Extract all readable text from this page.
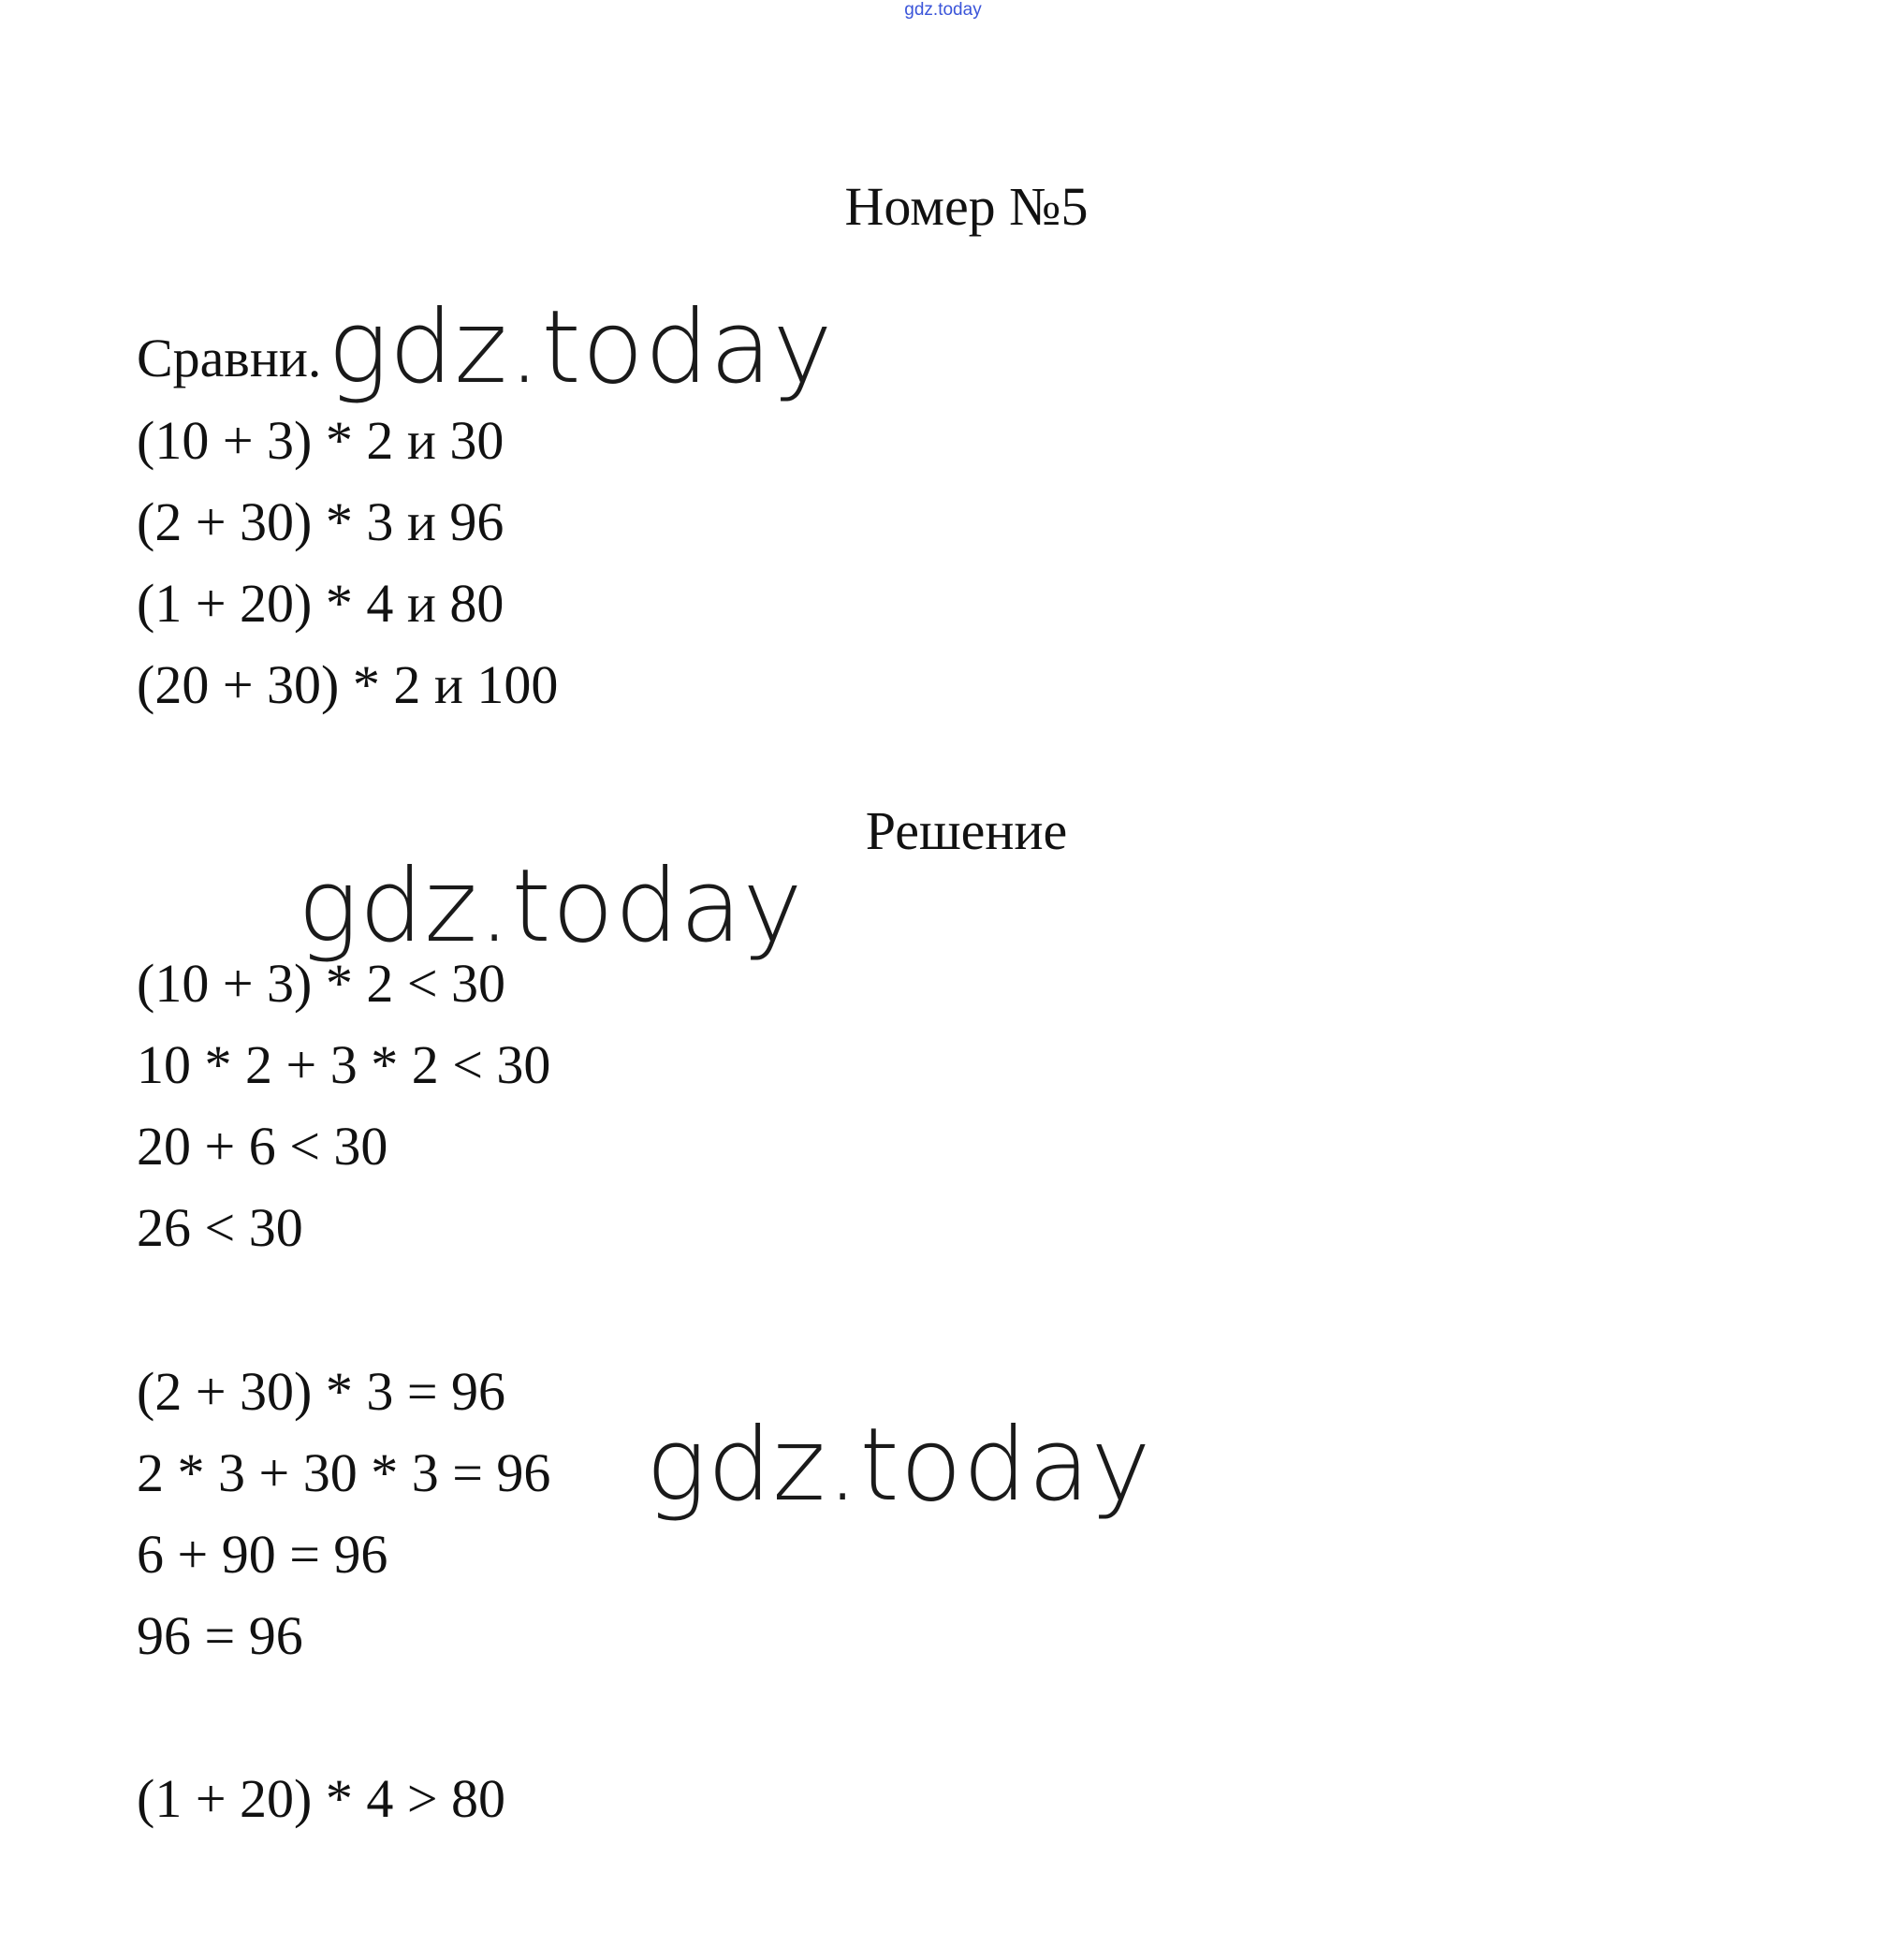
gdz.today
Номер №5
Сравни. gdz.today
(10 + 3) * 2 и 30
(2 + 30) * 3 и 96
(1 + 20) * 4 и 80
(20 + 30) * 2 и 100
Решение
gdz.today
(10 + 3) * 2 < 30
10 * 2 + 3 * 2 < 30
20 + 6 < 30
26 < 30
(2 + 30) * 3 = 96
2 * 3 + 30 * 3 = 96
6 + 90 = 96
96 = 96
gdz.today
(1 + 20) * 4 > 80
